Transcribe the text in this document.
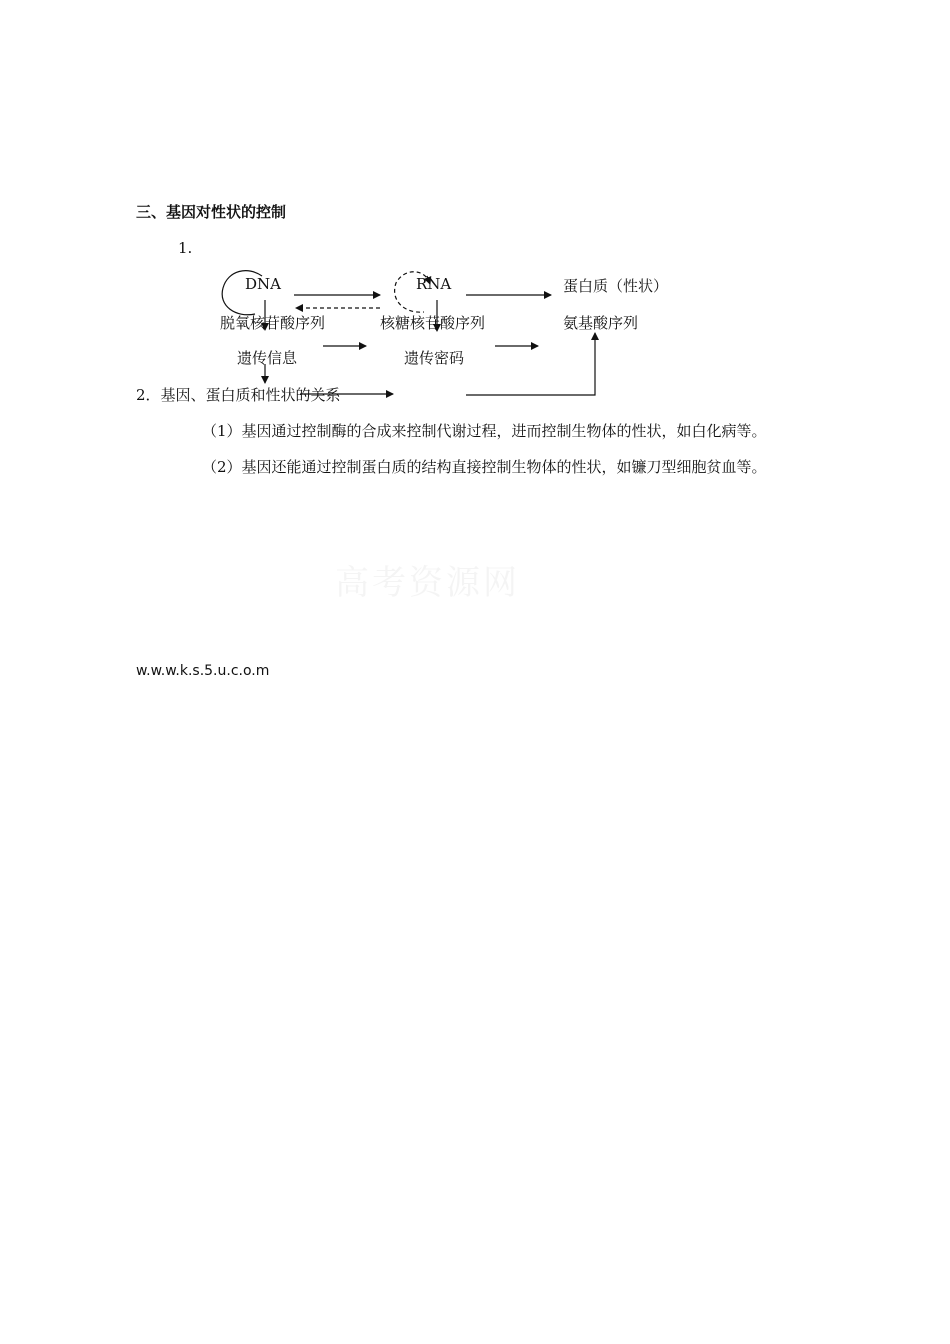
三、基因对性状的控制
1.
DNA	RNA	蛋白质（性状）
脱氧核苷酸序列	核糖核苷酸序列	氨基酸序列
遗传信息	遗传密码
2．基因、蛋白质和性状的关系
（1）基因通过控制酶的合成来控制代谢过程，进而控制生物体的性状，如白化病等。
（2）基因还能通过控制蛋白质的结构直接控制生物体的性状，如镰刀型细胞贫血等。
高考资源网
w.w.w.k.s.5.u.c.o.m
